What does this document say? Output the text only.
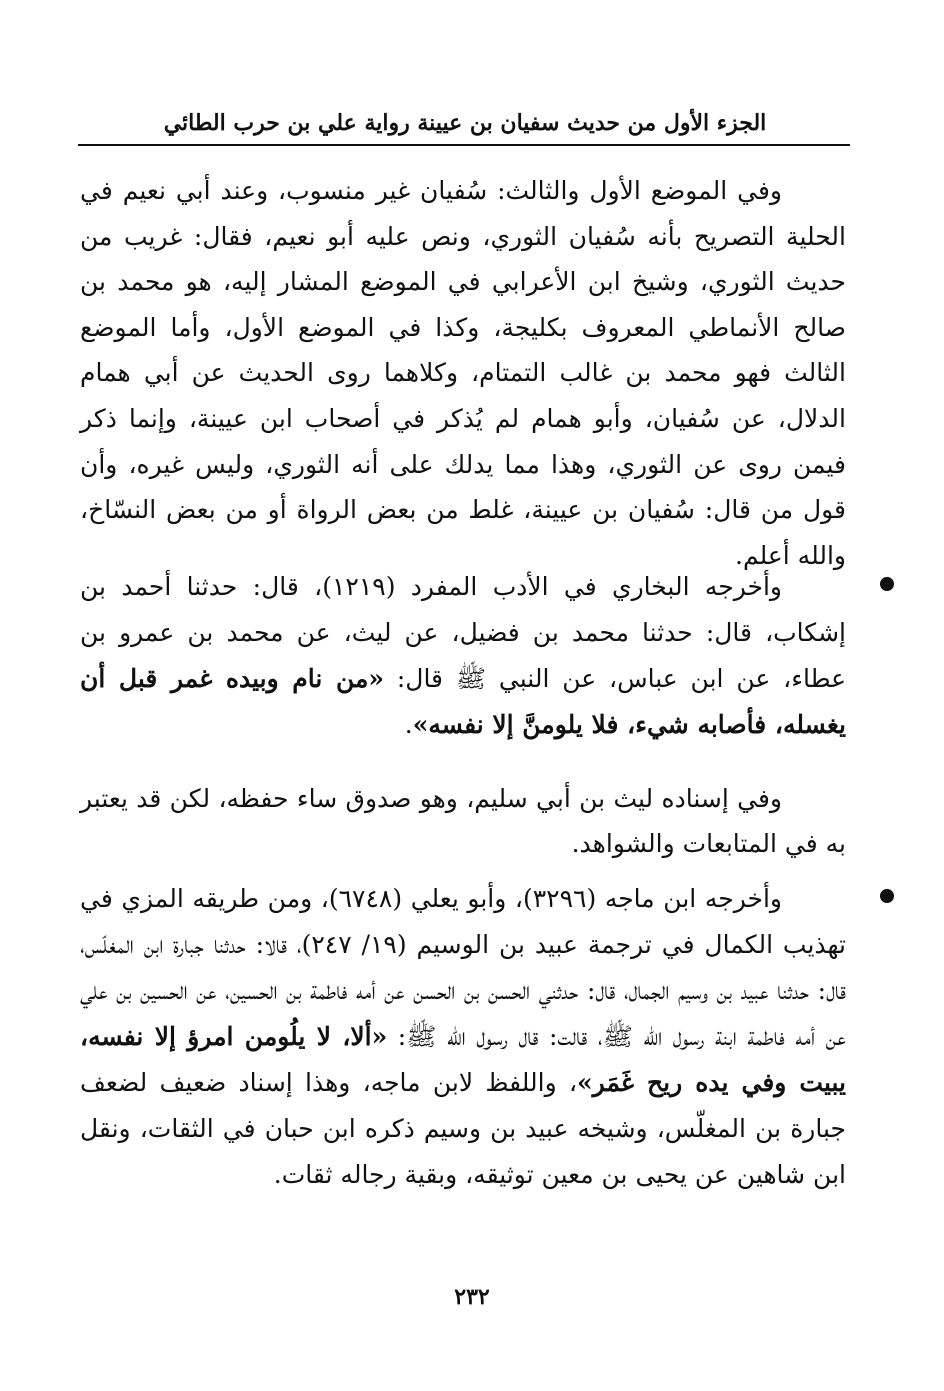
الجزء الأول من حديث سفيان بن عيينة رواية علي بن حرب الطائي

وفي الموضع الأول والثالث: سُفيان غير منسوب، وعند أبي نعيم في الحلية التصريح بأنه سُفيان الثوري، ونص عليه أبو نعيم، فقال: غريب من حديث الثوري، وشيخ ابن الأعرابي في الموضع المشار إليه، هو محمد بن صالح الأنماطي المعروف بكليجة، وكذا في الموضع الأول، وأما الموضع الثالث فهو محمد بن غالب التمتام، وكلاهما روى الحديث عن أبي همام الدلال، عن سُفيان، وأبو همام لم يُذكر في أصحاب ابن عيينة، وإنما ذكر فيمن روى عن الثوري، وهذا مما يدلك على أنه الثوري، وليس غيره، وأن قول من قال: سُفيان بن عيينة، غلط من بعض الرواة أو من بعض النسّاخ، والله أعلم.

وأخرجه البخاري في الأدب المفرد (١٢١٩)، قال: حدثنا أحمد بن إشكاب، قال: حدثنا محمد بن فضيل، عن ليث، عن محمد بن عمرو بن عطاء، عن ابن عباس، عن النبي ﷺ قال: «من نام وبيده غمر قبل أن يغسله، فأصابه شيء، فلا يلومنَّ إلا نفسه».

وفي إسناده ليث بن أبي سليم، وهو صدوق ساء حفظه، لكن قد يعتبر به في المتابعات والشواهد.

وأخرجه ابن ماجه (٣٢٩٦)، وأبو يعلي (٦٧٤٨)، ومن طريقه المزي في تهذيب الكمال في ترجمة عبيد بن الوسيم (١٩/ ٢٤٧)، قالا: حدثنا جبارة ابن المغلّس، قال: حدثنا عبيد بن وسيم الجمال، قال: حدثني الحسن بن الحسن عن أمه فاطمة بن الحسين، عن الحسين بن علي عن أمه فاطمة ابنة رسول الله ﷺ، قالت: قال رسول الله ﷺ: «ألا، لا يلُومن امرؤ إلا نفسه، يبيت وفي يده ريح غَمَر»، واللفظ لابن ماجه، وهذا إسناد ضعيف لضعف جبارة بن المغلّس، وشيخه عبيد بن وسيم ذكره ابن حبان في الثقات، ونقل ابن شاهين عن يحيى بن معين توثيقه، وبقية رجاله ثقات.

٢٣٢
